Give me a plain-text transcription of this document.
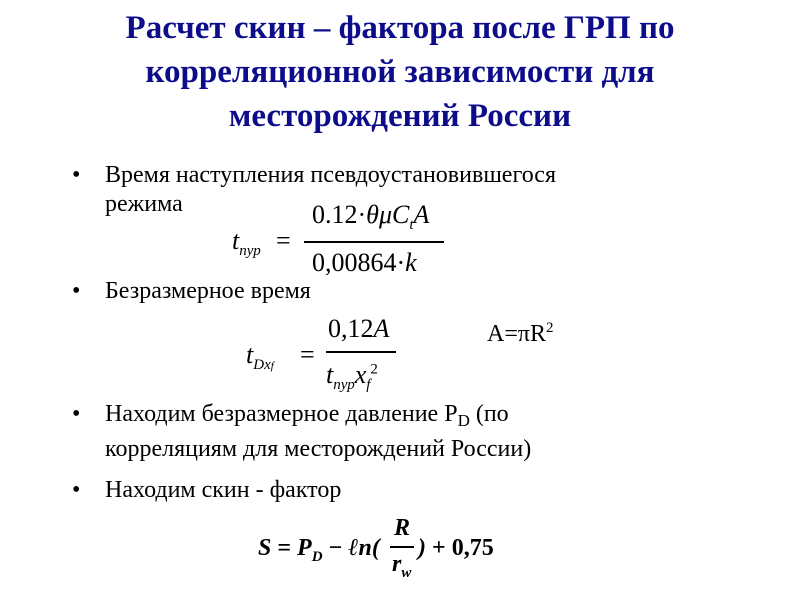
Расчет скин – фактора после ГРП по
корреляционной зависимости для
месторождений России
•	Время наступления псевдоустановившегося
режима
$t_{пур}$ =
0.12·θμC$_t$A
0,00864·k
•	Безразмерное время
$t_{Dxf}$ =
0,12A
$t_{пур}x_f^2$
$A=\pi R^2$
•	Находим безразмерное давление $P_D$ (по
корреляциям для месторождений России)
•	Находим скин - фактор
$S = P_D$ − ℓn(
R
$r_w$
) + 0,75
